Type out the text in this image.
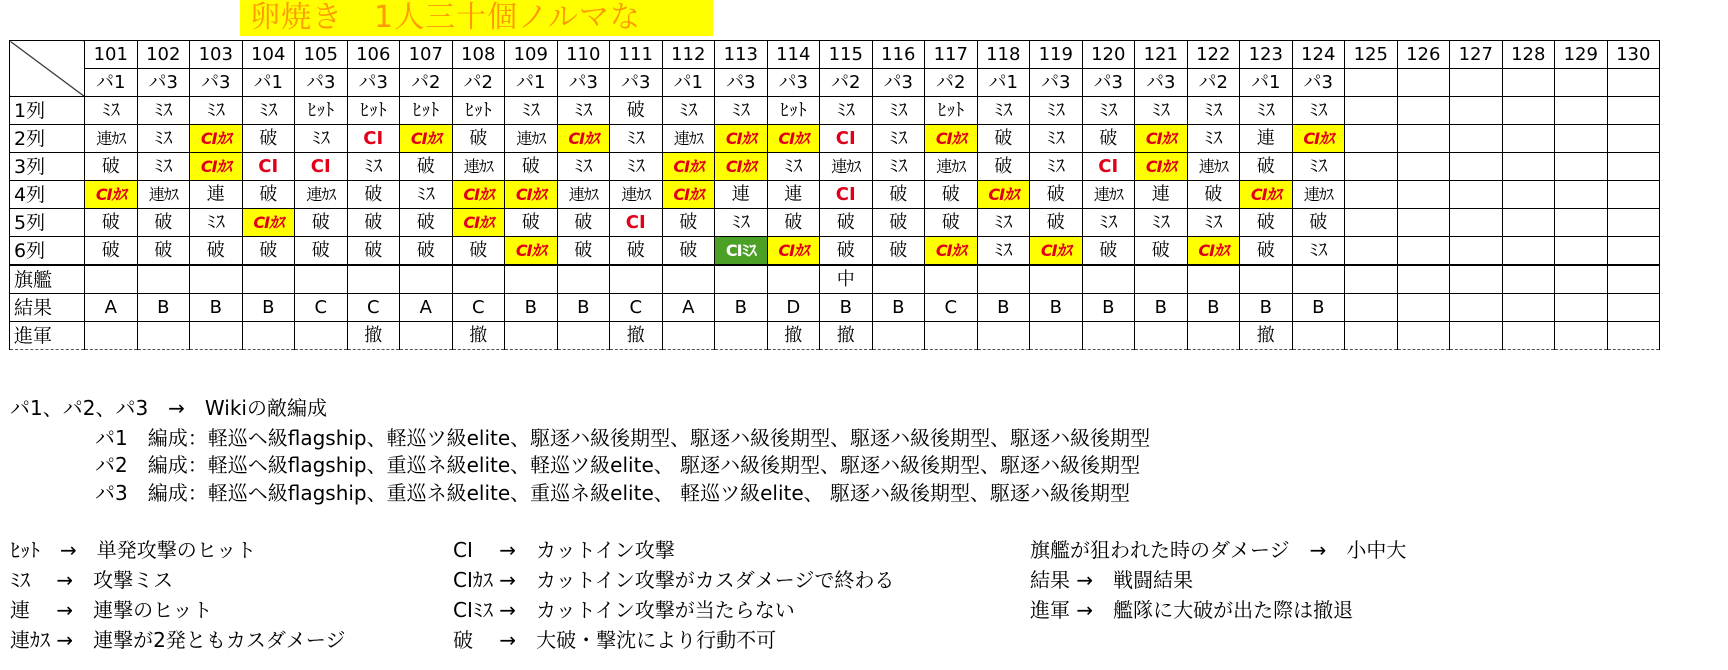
卵焼き　1人三十個ノルマな
	101	102	103	104	105	106	107	108	109	110	111	112	113	114	115	116	117	118	119	120	121	122	123	124	125	126	127	128	129	130
	パ1	パ3	パ3	パ1	パ3	パ3	パ2	パ2	パ1	パ3	パ3	パ1	パ3	パ3	パ2	パ3	パ2	パ1	パ3	パ3	パ3	パ2	パ1	パ3						
1列	ﾐｽ	ﾐｽ	ﾐｽ	ﾐｽ	ﾋｯﾄ	ﾋｯﾄ	ﾋｯﾄ	ﾋｯﾄ	ﾐｽ	ﾐｽ	破	ﾐｽ	ﾐｽ	ﾋｯﾄ	ﾐｽ	ﾐｽ	ﾋｯﾄ	ﾐｽ	ﾐｽ	ﾐｽ	ﾐｽ	ﾐｽ	ﾐｽ	ﾐｽ						
2列	連ｶｽ	ﾐｽ	CIｶｽ	破	ﾐｽ	CI	CIｶｽ	破	連ｶｽ	CIｶｽ	ﾐｽ	連ｶｽ	CIｶｽ	CIｶｽ	CI	ﾐｽ	CIｶｽ	破	ﾐｽ	破	CIｶｽ	ﾐｽ	連	CIｶｽ						
3列	破	ﾐｽ	CIｶｽ	CI	CI	ﾐｽ	破	連ｶｽ	破	ﾐｽ	ﾐｽ	CIｶｽ	CIｶｽ	ﾐｽ	連ｶｽ	ﾐｽ	連ｶｽ	破	ﾐｽ	CI	CIｶｽ	連ｶｽ	破	ﾐｽ						
4列	CIｶｽ	連ｶｽ	連	破	連ｶｽ	破	ﾐｽ	CIｶｽ	CIｶｽ	連ｶｽ	連ｶｽ	CIｶｽ	連	連	CI	破	破	CIｶｽ	破	連ｶｽ	連	破	CIｶｽ	連ｶｽ						
5列	破	破	ﾐｽ	CIｶｽ	破	破	破	CIｶｽ	破	破	CI	破	ﾐｽ	破	破	破	破	ﾐｽ	破	ﾐｽ	ﾐｽ	ﾐｽ	破	破						
6列	破	破	破	破	破	破	破	破	CIｶｽ	破	破	破	CIﾐｽ	CIｶｽ	破	破	CIｶｽ	ﾐｽ	CIｶｽ	破	破	CIｶｽ	破	ﾐｽ						
旗艦															中															
結果	A	B	B	B	C	C	A	C	B	B	C	A	B	D	B	B	C	B	B	B	B	B	B	B						
進軍						撤		撤			撤			撤	撤								撤							
パ1、パ2、パ3　→　Wikiの敵編成
パ1　編成：軽巡ヘ級flagship、軽巡ツ級elite、駆逐ハ級後期型、駆逐ハ級後期型、駆逐ハ級後期型、駆逐ハ級後期型
パ2　編成：軽巡ヘ級flagship、重巡ネ級elite、軽巡ツ級elite、 駆逐ハ級後期型、駆逐ハ級後期型、駆逐ハ級後期型
パ3　編成：軽巡ヘ級flagship、重巡ネ級elite、重巡ネ級elite、 軽巡ツ級elite、 駆逐ハ級後期型、駆逐ハ級後期型
ﾋｯﾄ　→　単発攻撃のヒット
ﾐｽ　 →　攻撃ミス
連　 →　連撃のヒット
連ｶｽ →　連撃が2発ともカスダメージ
CI　 →　カットイン攻撃
CIｶｽ →　カットイン攻撃がカスダメージで終わる
CIﾐｽ →　カットイン攻撃が当たらない
破　 →　大破・撃沈により行動不可
旗艦が狙われた時のダメージ　→　小中大
結果 →　戦闘結果
進軍 →　艦隊に大破が出た際は撤退
